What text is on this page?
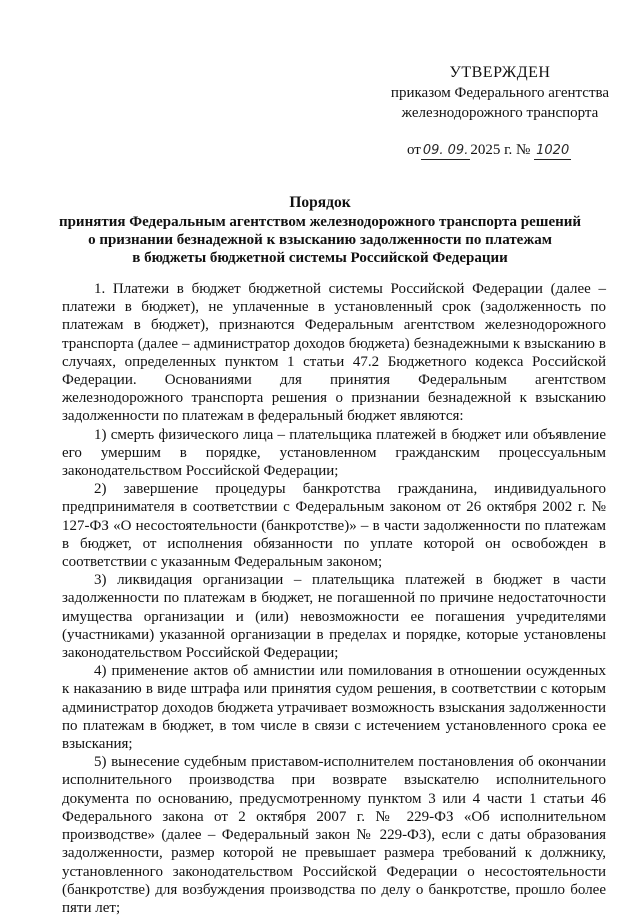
УТВЕРЖДЕН
приказом Федерального агентства
железнодорожного транспорта
от 09. 09. 2025 г. № 1020
Порядок
принятия Федеральным агентством железнодорожного транспорта решений
о признании безнадежной к взысканию задолженности по платежам
в бюджеты бюджетной системы Российской Федерации

1. Платежи в бюджет бюджетной системы Российской Федерации (далее – платежи в бюджет), не уплаченные в установленный срок (задолженность по платежам в бюджет), признаются Федеральным агентством железнодорожного транспорта (далее – администратор доходов бюджета) безнадежными к взысканию в случаях, определенных пунктом 1 статьи 47.2 Бюджетного кодекса Российской Федерации. Основаниями для принятия Федеральным агентством железнодорожного транспорта решения о признании безнадежной к взысканию задолженности по платежам в федеральный бюджет являются:

1) смерть физического лица – плательщика платежей в бюджет или объявление его умершим в порядке, установленном гражданским процессуальным законодательством Российской Федерации;

2) завершение процедуры банкротства гражданина, индивидуального предпринимателя в соответствии с Федеральным законом от 26 октября 2002 г. № 127-ФЗ «О несостоятельности (банкротстве)» – в части задолженности по платежам в бюджет, от исполнения обязанности по уплате которой он освобожден в соответствии с указанным Федеральным законом;

3) ликвидация организации – плательщика платежей в бюджет в части задолженности по платежам в бюджет, не погашенной по причине недостаточности имущества организации и (или) невозможности ее погашения учредителями (участниками) указанной организации в пределах и порядке, которые установлены законодательством Российской Федерации;

4) применение актов об амнистии или помилования в отношении осужденных к наказанию в виде штрафа или принятия судом решения, в соответствии с которым администратор доходов бюджета утрачивает возможность взыскания задолженности по платежам в бюджет, в том числе в связи с истечением установленного срока ее взыскания;

5) вынесение судебным приставом-исполнителем постановления об окончании исполнительного производства при возврате взыскателю исполнительного документа по основанию, предусмотренному пунктом 3 или 4 части 1 статьи 46 Федерального закона от 2 октября 2007 г. № 229-ФЗ «Об исполнительном производстве» (далее – Федеральный закон № 229-ФЗ), если с даты образования задолженности, размер которой не превышает размера требований к должнику, установленного законодательством Российской Федерации о несостоятельности (банкротстве) для возбуждения производства по делу о банкротстве, прошло более пяти лет;
